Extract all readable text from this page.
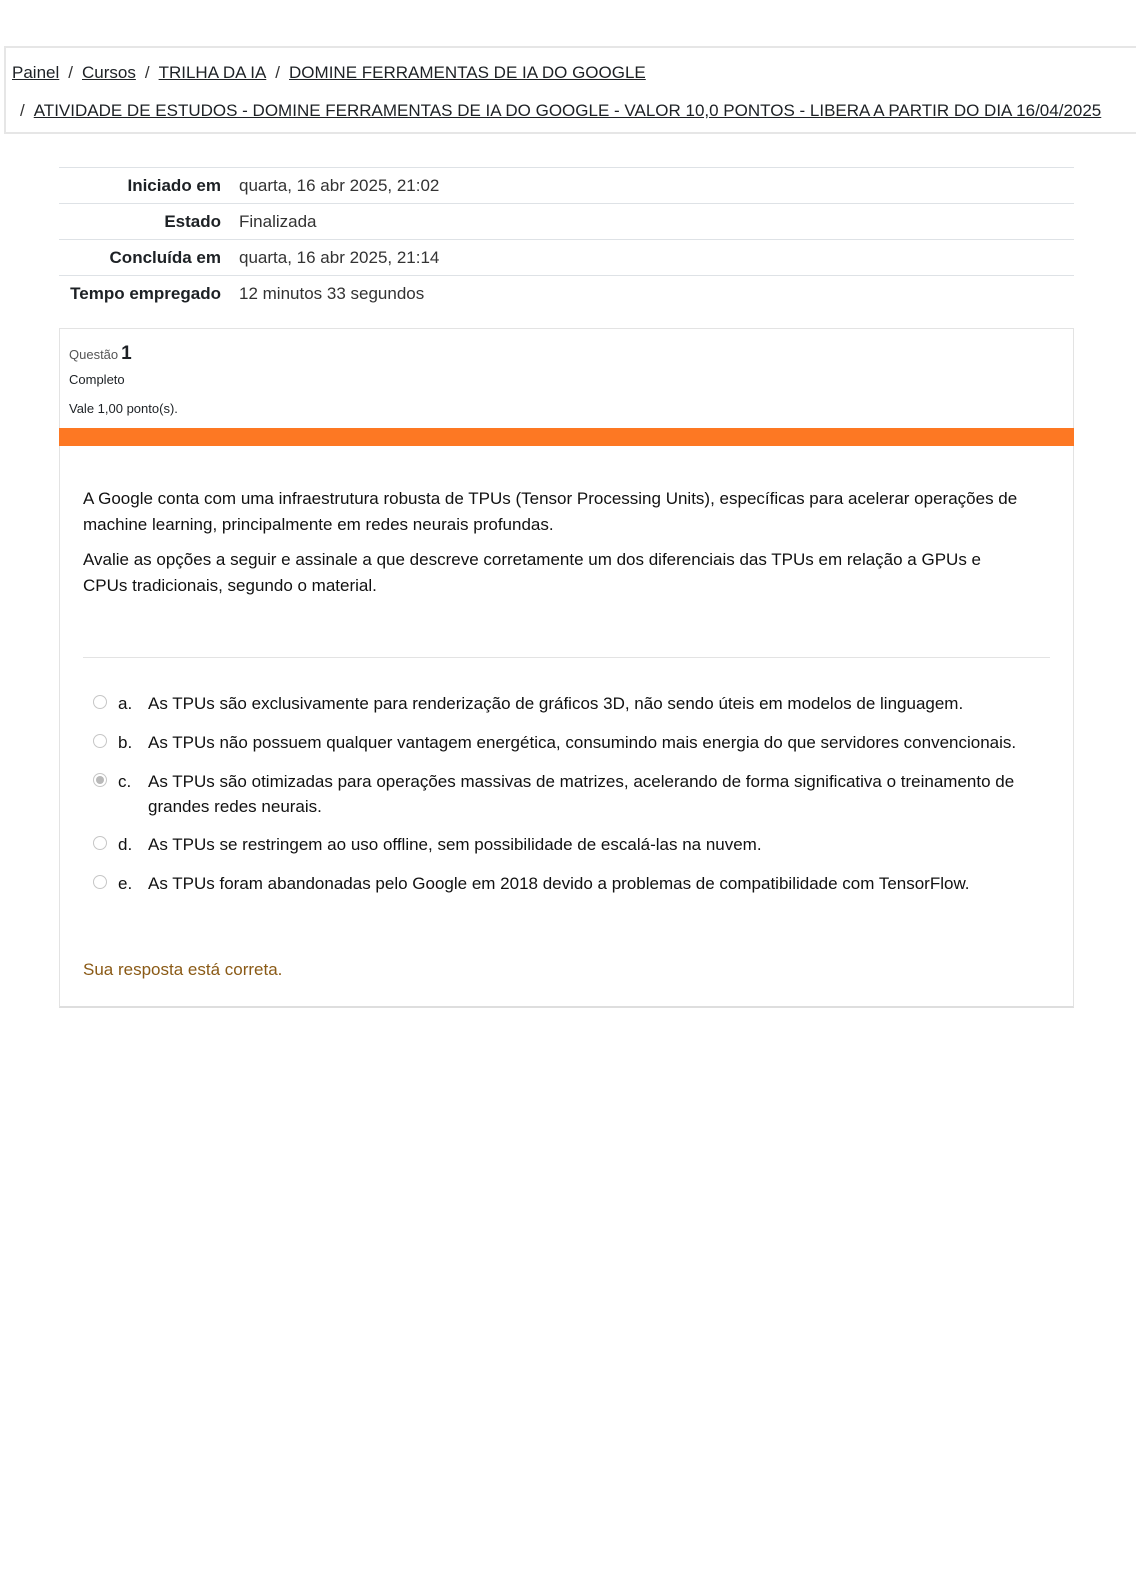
Painel / Cursos / TRILHA DA IA / DOMINE FERRAMENTAS DE IA DO GOOGLE
/ ATIVIDADE DE ESTUDOS - DOMINE FERRAMENTAS DE IA DO GOOGLE - VALOR 10,0 PONTOS - LIBERA A PARTIR DO DIA 16/04/2025
Iniciado em	quarta, 16 abr 2025, 21:02
Estado	Finalizada
Concluída em	quarta, 16 abr 2025, 21:14
Tempo empregado	12 minutos 33 segundos
Questão 1
Completo
Vale 1,00 ponto(s).

A Google conta com uma infraestrutura robusta de TPUs (Tensor Processing Units), específicas para acelerar operações de machine learning, principalmente em redes neurais profundas.

Avalie as opções a seguir e assinale a que descreve corretamente um dos diferenciais das TPUs em relação a GPUs e CPUs tradicionais, segundo o material.

a. As TPUs são exclusivamente para renderização de gráficos 3D, não sendo úteis em modelos de linguagem.
b. As TPUs não possuem qualquer vantagem energética, consumindo mais energia do que servidores convencionais.
c. As TPUs são otimizadas para operações massivas de matrizes, acelerando de forma significativa o treinamento de grandes redes neurais.
d. As TPUs se restringem ao uso offline, sem possibilidade de escalá-las na nuvem.
e. As TPUs foram abandonadas pelo Google em 2018 devido a problemas de compatibilidade com TensorFlow.
Sua resposta está correta.
